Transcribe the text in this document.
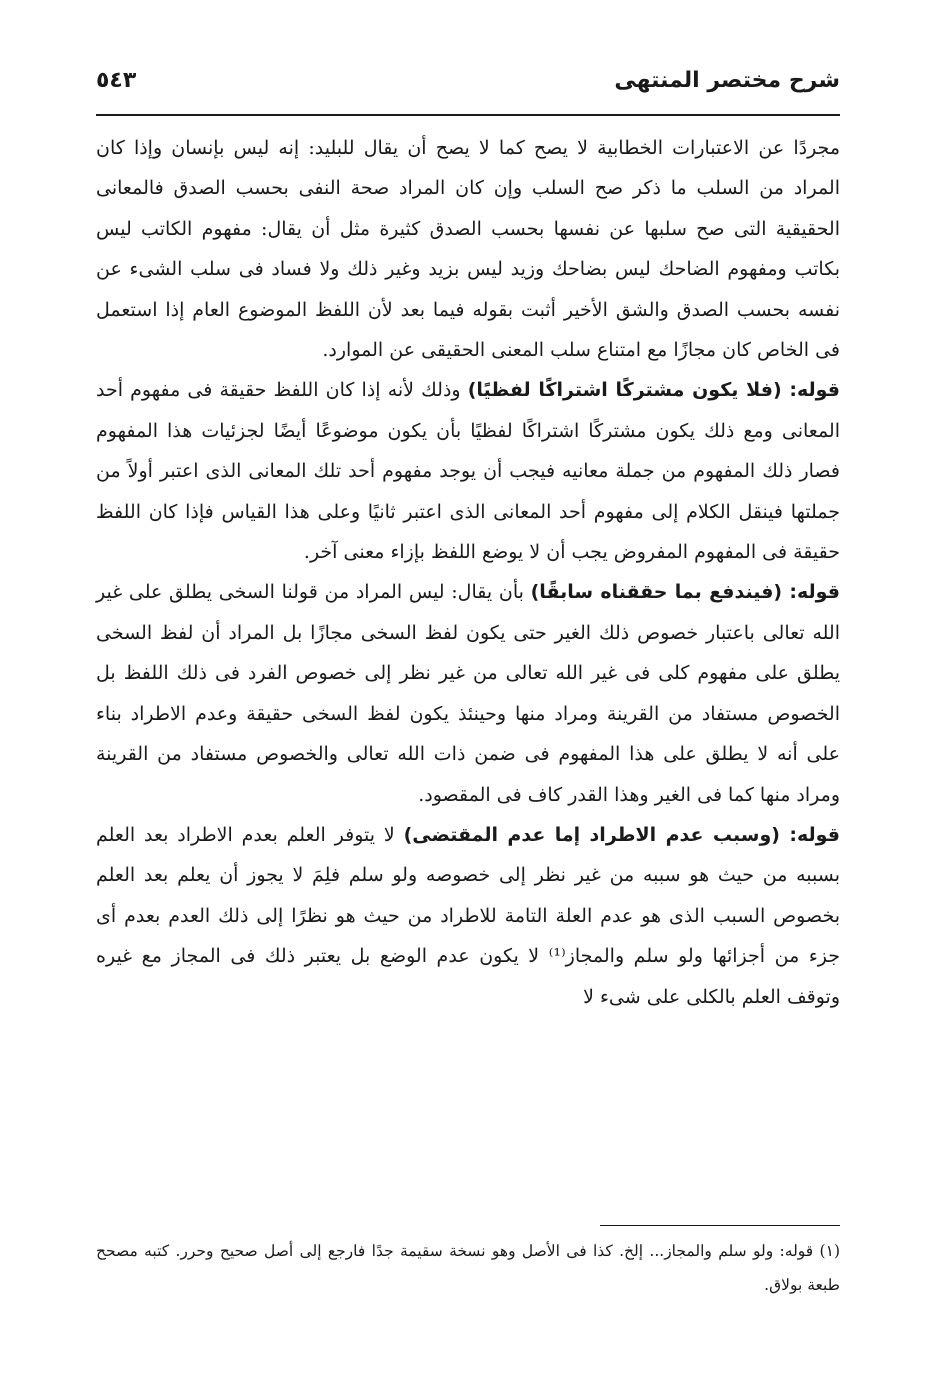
شرح مختصر المنتهى
٥٤٣

مجردًا عن الاعتبارات الخطابية لا يصح كما لا يصح أن يقال للبليد: إنه ليس بإنسان وإذا كان المراد من السلب ما ذكر صح السلب وإن كان المراد صحة النفى بحسب الصدق فالمعانى الحقيقية التى صح سلبها عن نفسها بحسب الصدق كثيرة مثل أن يقال: مفهوم الكاتب ليس بكاتب ومفهوم الضاحك ليس بضاحك وزيد ليس بزيد وغير ذلك ولا فساد فى سلب الشىء عن نفسه بحسب الصدق والشق الأخير أثبت بقوله فيما بعد لأن اللفظ الموضوع العام إذا استعمل فى الخاص كان مجازًا مع امتناع سلب المعنى الحقيقى عن الموارد.

قوله: (فلا يكون مشتركًا اشتراكًا لفظيًا) وذلك لأنه إذا كان اللفظ حقيقة فى مفهوم أحد المعانى ومع ذلك يكون مشتركًا اشتراكًا لفظيًا بأن يكون موضوعًا أيضًا لجزئيات هذا المفهوم فصار ذلك المفهوم من جملة معانيه فيجب أن يوجد مفهوم أحد تلك المعانى الذى اعتبر أولاً من جملتها فينقل الكلام إلى مفهوم أحد المعانى الذى اعتبر ثانيًا وعلى هذا القياس فإذا كان اللفظ حقيقة فى المفهوم المفروض يجب أن لا يوضع اللفظ بإزاء معنى آخر.

قوله: (فيندفع بما حققناه سابقًا) بأن يقال: ليس المراد من قولنا السخى يطلق على غير الله تعالى باعتبار خصوص ذلك الغير حتى يكون لفظ السخى مجازًا بل المراد أن لفظ السخى يطلق على مفهوم كلى فى غير الله تعالى من غير نظر إلى خصوص الفرد فى ذلك اللفظ بل الخصوص مستفاد من القرينة ومراد منها وحينئذ يكون لفظ السخى حقيقة وعدم الاطراد بناء على أنه لا يطلق على هذا المفهوم فى ضمن ذات الله تعالى والخصوص مستفاد من القرينة ومراد منها كما فى الغير وهذا القدر كاف فى المقصود.

قوله: (وسبب عدم الاطراد إما عدم المقتضى) لا يتوفر العلم بعدم الاطراد بعد العلم بسببه من حيث هو سببه من غير نظر إلى خصوصه ولو سلم فلِمَ لا يجوز أن يعلم بعد العلم بخصوص السبب الذى هو عدم العلة التامة للاطراد من حيث هو نظرًا إلى ذلك العدم بعدم أى جزء من أجزائها ولو سلم والمجاز⁽¹⁾ لا يكون عدم الوضع بل يعتبر ذلك فى المجاز مع غيره وتوقف العلم بالكلى على شىء لا

(١) قوله: ولو سلم والمجاز... إلخ. كذا فى الأصل وهو نسخة سقيمة جدًا فارجع إلى أصل صحيح وحرر. كتبه مصحح طبعة بولاق.
